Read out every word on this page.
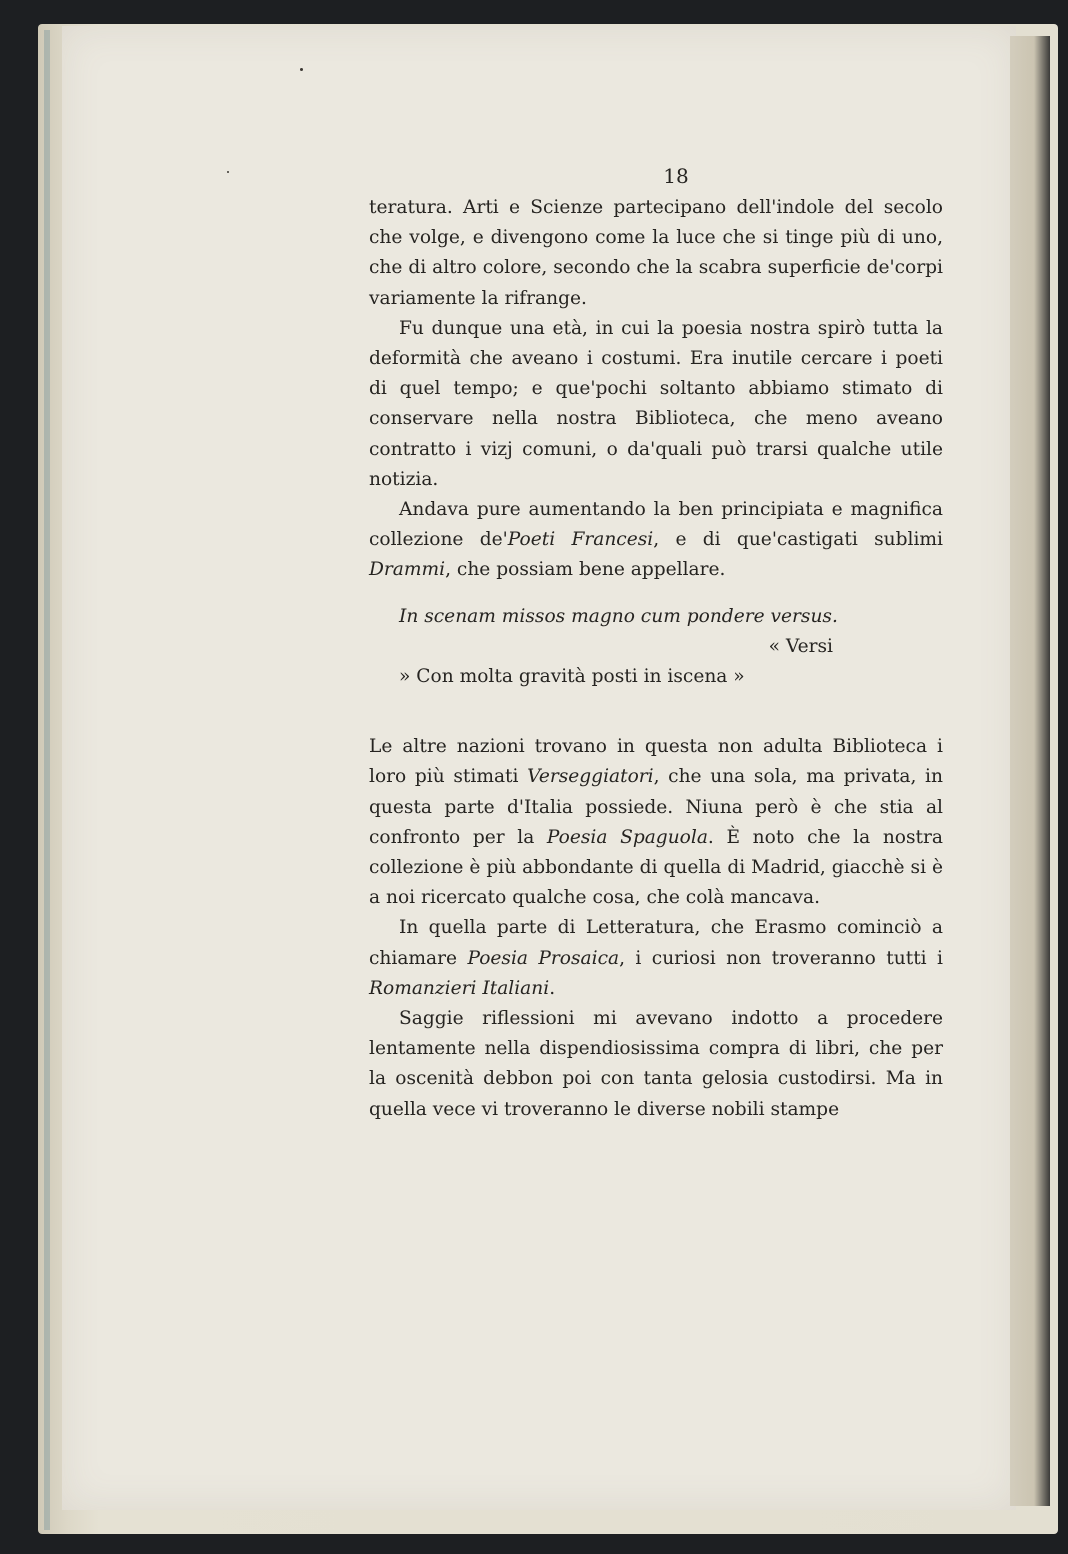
18

teratura. Arti e Scienze partecipano dell'indole del secolo che volge, e divengono come la luce che si tinge più di uno, che di altro colore, secondo che la scabra superficie de'corpi variamente la rifrange.

Fu dunque una età, in cui la poesia nostra spirò tutta la deformità che aveano i costumi. Era inutile cercare i poeti di quel tempo; e que'pochi soltanto abbiamo stimato di conservare nella nostra Biblioteca, che meno aveano contratto i vizj comuni, o da'quali può trarsi qualche utile notizia.

Andava pure aumentando la ben principiata e magnifica collezione de'Poeti Francesi, e di que'castigati sublimi Drammi, che possiam bene appellare.

In scenam missos magno cum pondere versus.

« Versi

» Con molta gravità posti in iscena »

Le altre nazioni trovano in questa non adulta Biblioteca i loro più stimati Verseggiatori, che una sola, ma privata, in questa parte d'Italia possiede. Niuna però è che stia al confronto per la Poesia Spaguola. È noto che la nostra collezione è più abbondante di quella di Madrid, giacchè si è a noi ricercato qualche cosa, che colà mancava.

In quella parte di Letteratura, che Erasmo cominciò a chiamare Poesia Prosaica, i curiosi non troveranno tutti i Romanzieri Italiani.

Saggie riflessioni mi avevano indotto a procedere lentamente nella dispendiosissima compra di libri, che per la oscenità debbon poi con tanta gelosia custodirsi. Ma in quella vece vi troveranno le diverse nobili stampe
